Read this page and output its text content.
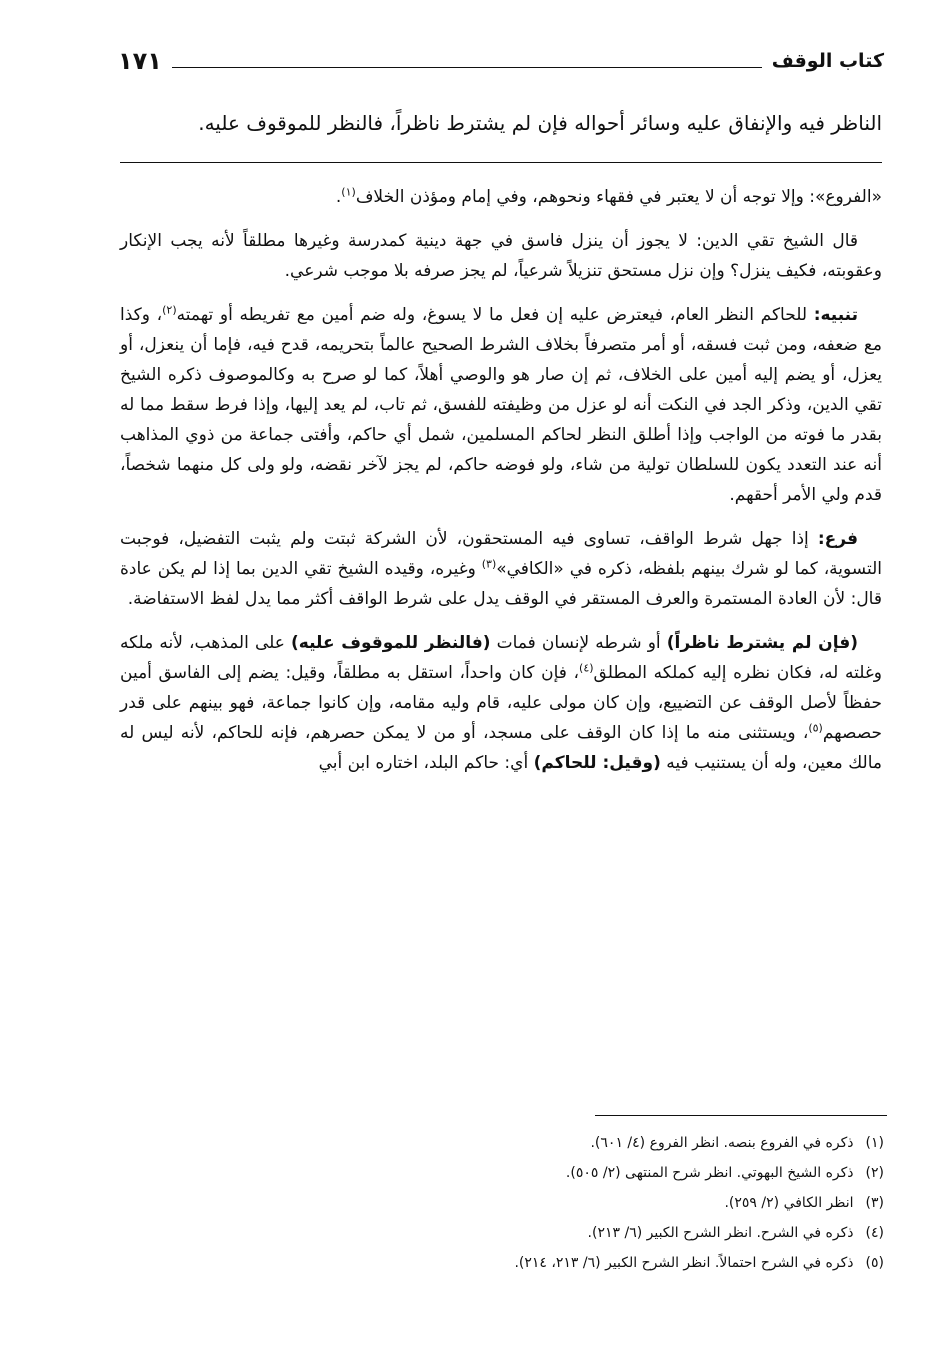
كتاب الوقف
١٧١
الناظر فيه والإنفاق عليه وسائر أحواله فإن لم يشترط ناظراً، فالنظر للموقوف عليه.

«الفروع»: وإلا توجه أن لا يعتبر في فقهاء ونحوهم، وفي إمام ومؤذن الخلاف$^{(١)}$.

قال الشيخ تقي الدين: لا يجوز أن ينزل فاسق في جهة دينية كمدرسة وغيرها مطلقاً لأنه يجب الإنكار وعقوبته، فكيف ينزل؟ وإن نزل مستحق تنزيلاً شرعياً، لم يجز صرفه بلا موجب شرعي.

تنبيه: للحاكم النظر العام، فيعترض عليه إن فعل ما لا يسوغ، وله ضم أمين مع تفريطه أو تهمته$^{(٢)}$، وكذا مع ضعفه، ومن ثبت فسقه، أو أمر متصرفاً بخلاف الشرط الصحيح عالماً بتحريمه، قدح فيه، فإما أن ينعزل، أو يعزل، أو يضم إليه أمين على الخلاف، ثم إن صار هو والوصي أهلاً، كما لو صرح به وكالموصوف ذكره الشيخ تقي الدين، وذكر الجد في النكت أنه لو عزل من وظيفته للفسق، ثم تاب، لم يعد إليها، وإذا فرط سقط مما له بقدر ما فوته من الواجب وإذا أطلق النظر لحاكم المسلمين، شمل أي حاكم، وأفتى جماعة من ذوي المذاهب أنه عند التعدد يكون للسلطان تولية من شاء، ولو فوضه حاكم، لم يجز لآخر نقضه، ولو ولى كل منهما شخصاً، قدم ولي الأمر أحقهم.

فرع: إذا جهل شرط الواقف، تساوى فيه المستحقون، لأن الشركة ثبتت ولم يثبت التفضيل، فوجبت التسوية، كما لو شرك بينهم بلفظه، ذكره في «الكافي»$^{(٣)}$ وغيره، وقيده الشيخ تقي الدين بما إذا لم يكن عادة قال: لأن العادة المستمرة والعرف المستقر في الوقف يدل على شرط الواقف أكثر مما يدل لفظ الاستفاضة.

(فإن لم يشترط ناظراً) أو شرطه لإنسان فمات (فالنظر للموقوف عليه) على المذهب، لأنه ملكه وغلته له، فكان نظره إليه كملكه المطلق$^{(٤)}$، فإن كان واحداً، استقل به مطلقاً، وقيل: يضم إلى الفاسق أمين حفظاً لأصل الوقف عن التضييع، وإن كان مولى عليه، قام وليه مقامه، وإن كانوا جماعة، فهو بينهم على قدر حصصهم$^{(٥)}$، ويستثنى منه ما إذا كان الوقف على مسجد، أو من لا يمكن حصرهم، فإنه للحاكم، لأنه ليس له مالك معين، وله أن يستنيب فيه (وقيل: للحاكم) أي: حاكم البلد، اختاره ابن أبي

(١)ذكره في الفروع بنصه. انظر الفروع (٤/ ٦٠١).
(٢)ذكره الشيخ البهوتي. انظر شرح المنتهى (٢/ ٥٠٥).
(٣)انظر الكافي (٢/ ٢٥٩).
(٤)ذكره في الشرح. انظر الشرح الكبير (٦/ ٢١٣).
(٥)ذكره في الشرح احتمالاً. انظر الشرح الكبير (٦/ ٢١٣، ٢١٤).
